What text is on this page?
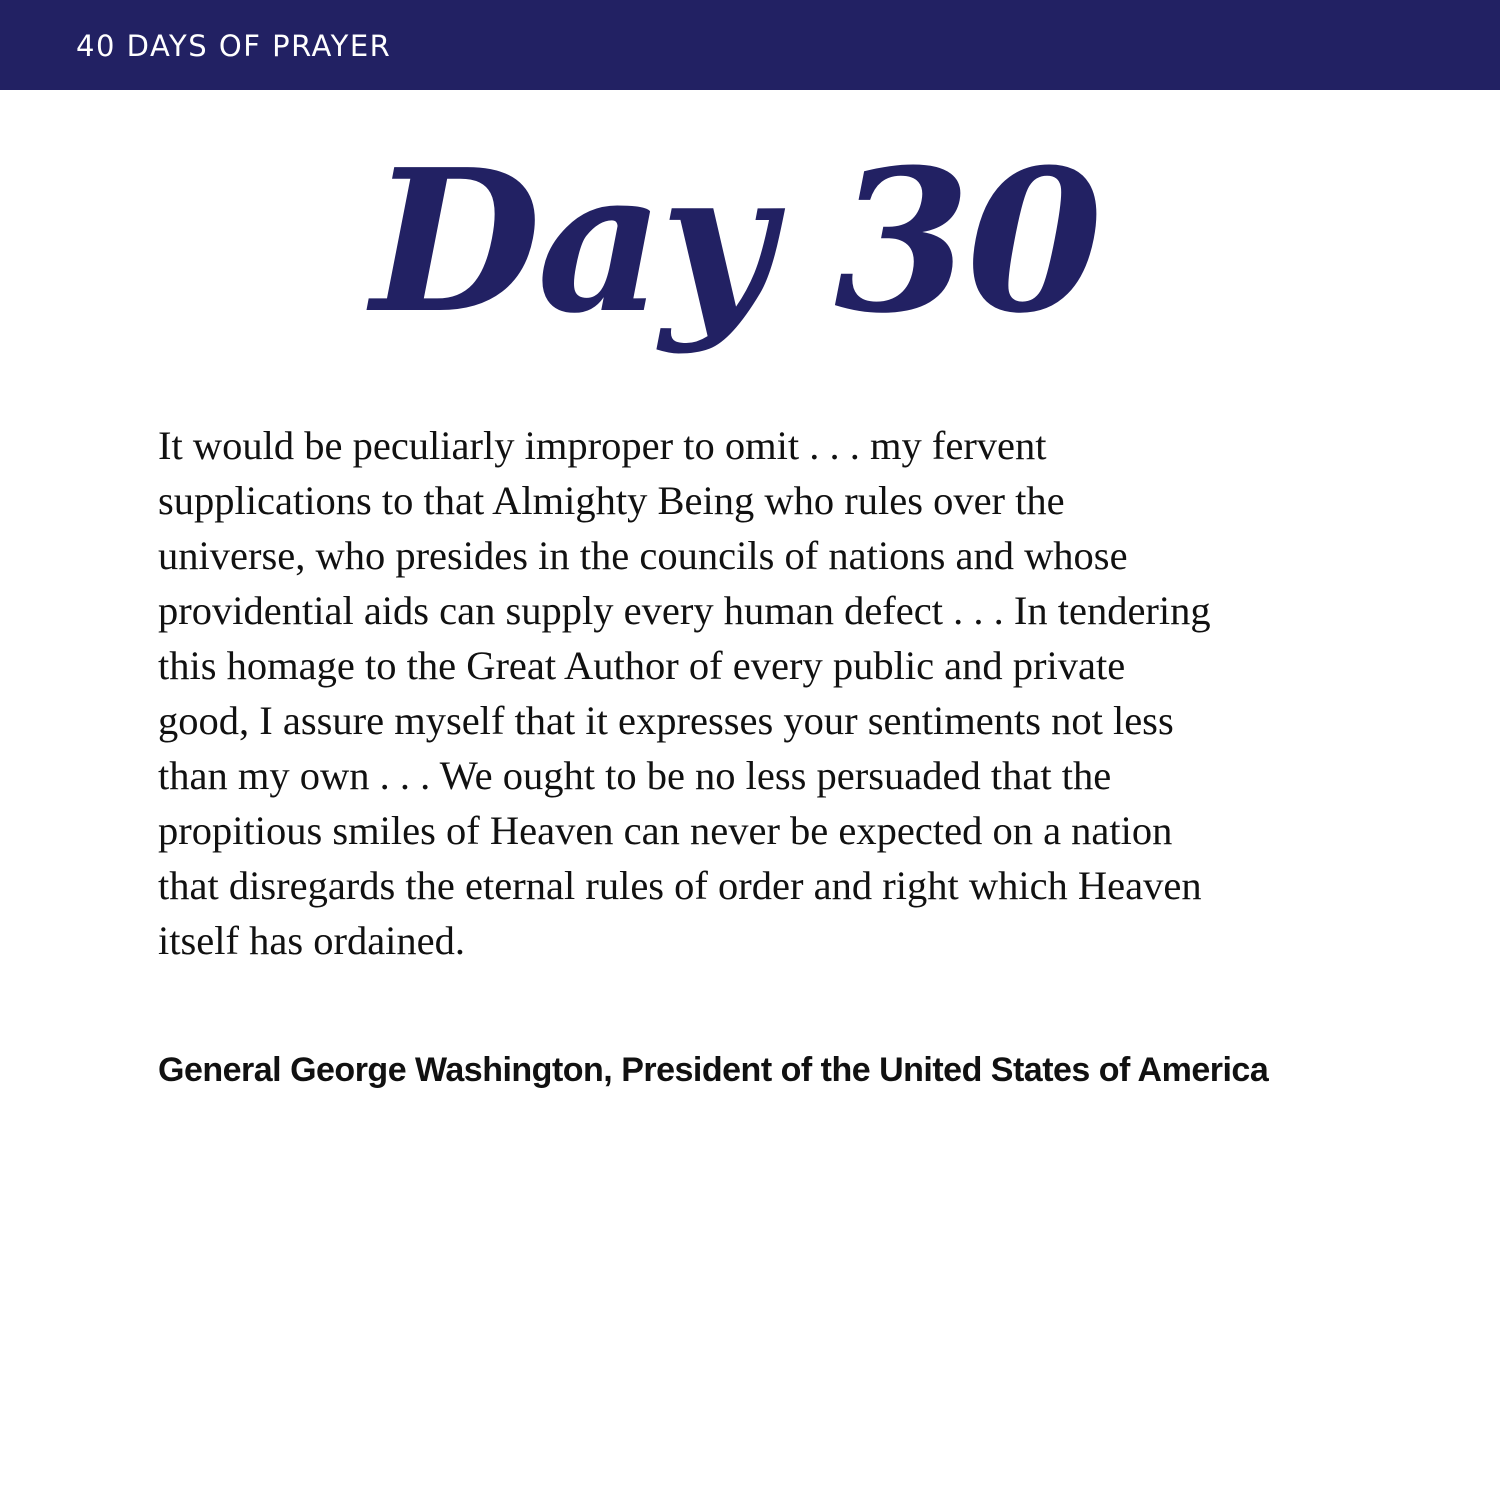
40 DAYS OF PRAYER
Day 30

It would be peculiarly improper to omit . . . my fervent
supplications to that Almighty Being who rules over the
universe, who presides in the councils of nations and whose
providential aids can supply every human defect . . . In tendering
this homage to the Great Author of every public and private
good, I assure myself that it expresses your sentiments not less
than my own . . . We ought to be no less persuaded that the
propitious smiles of Heaven can never be expected on a nation
that disregards the eternal rules of order and right which Heaven
itself has ordained.

General George Washington, President of the United States of America
